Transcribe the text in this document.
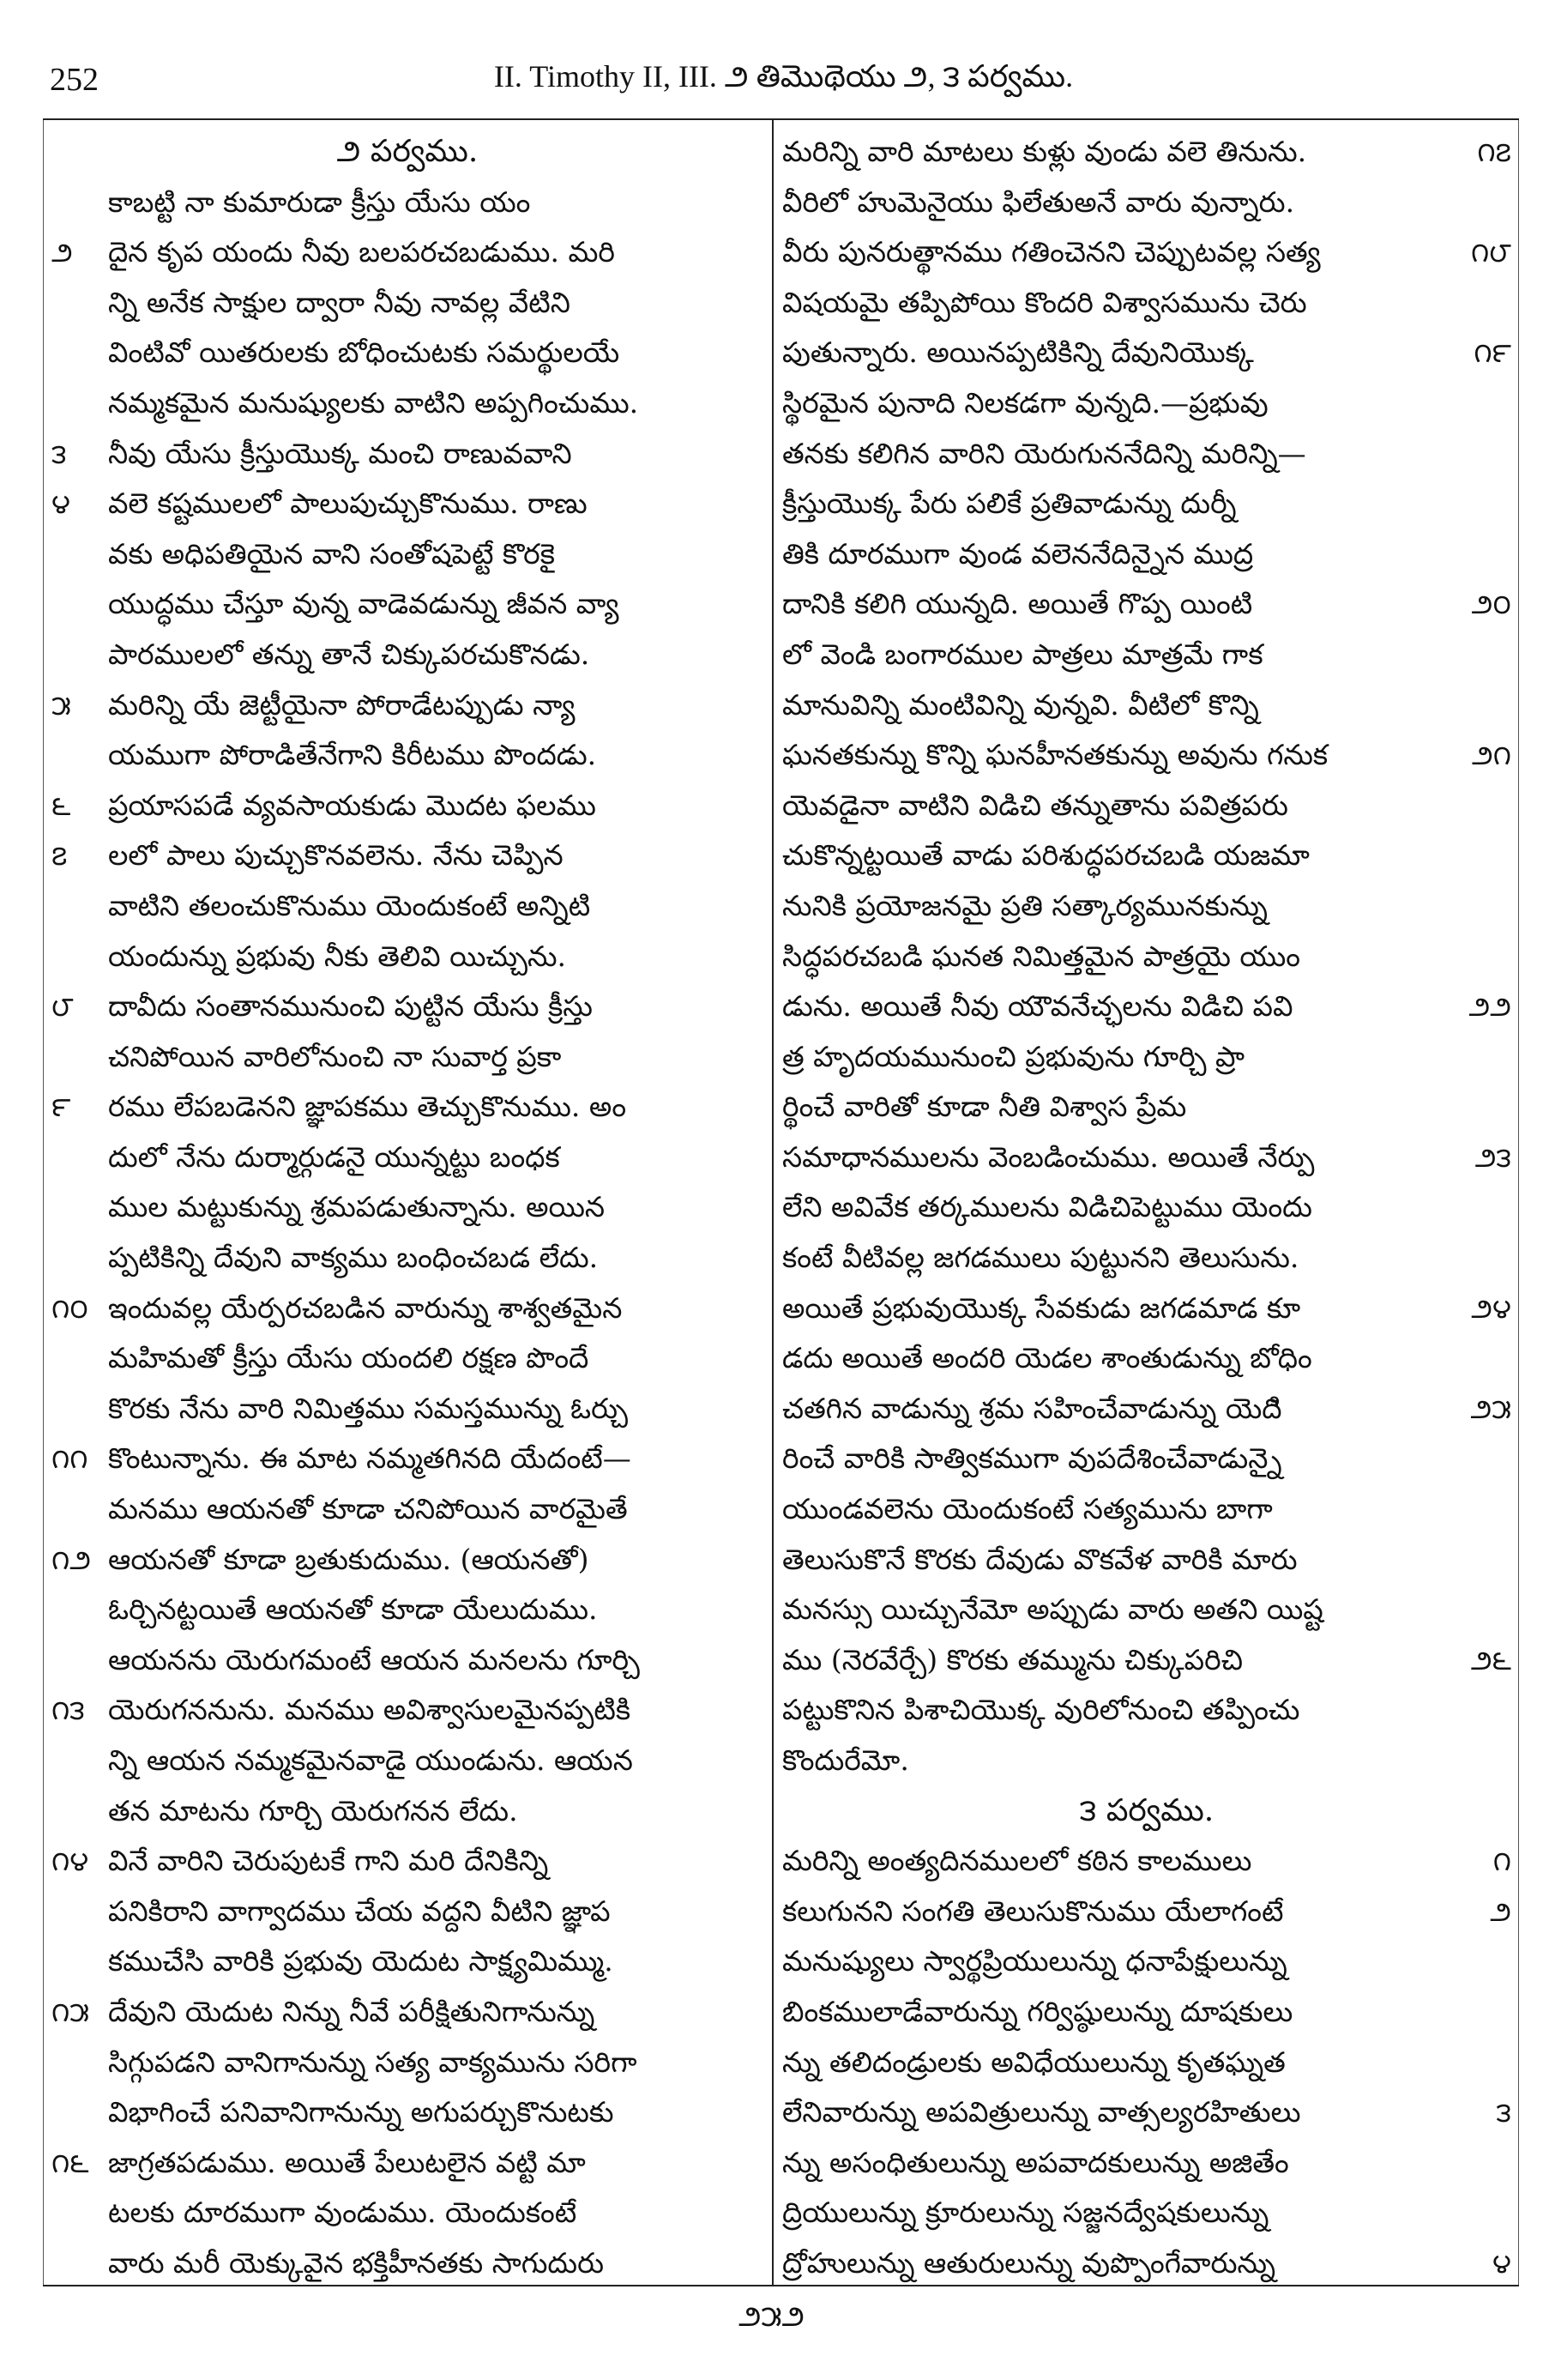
252	II. Timothy II, III. ౨ తిమొథెయు ౨, ౩ పర్వము.
౨ పర్వము.
కాబట్టి నా కుమారుడా క్రీస్తు యేసు యం
౨	దైన కృప యందు నీవు బలపరచబడుము. మరి
న్ని అనేక సాక్షుల ద్వారా నీవు నావల్ల వేటిని
వింటివో యితరులకు బోధించుటకు సమర్థులయే
నమ్మకమైన మనుష్యులకు వాటిని అప్పగించుము.
౩	నీవు యేసు క్రీస్తుయొక్క మంచి రాణువవాని
౪	వలె కష్టములలో పాలుపుచ్చుకొనుము. రాణు
వకు అధిపతియైన వాని సంతోషపెట్టే కొరకై
యుద్ధము చేస్తూ వున్న వాడెవడున్ను జీవన వ్యా
పారములలో తన్ను తానే చిక్కుపరచుకొనడు.
౫	మరిన్ని యే జెట్టీయైనా పోరాడేటప్పుడు న్యా
యముగా పోరాడితేనేగాని కిరీటము పొందడు.
౬	ప్రయాసపడే వ్యవసాయకుడు మొదట ఫలము
౭	లలో పాలు పుచ్చుకొనవలెను. నేను చెప్పిన
వాటిని తలంచుకొనుము యెందుకంటే అన్నిటి
యందున్ను ప్రభువు నీకు తెలివి యిచ్చును.
౮	దావీదు సంతానమునుంచి పుట్టిన యేసు క్రీస్తు
చనిపోయిన వారిలోనుంచి నా సువార్త ప్రకా
౯	రము లేపబడెనని జ్ఞాపకము తెచ్చుకొనుము. అం
దులో నేను దుర్మార్గుడనై యున్నట్టు బంధక
ముల మట్టుకున్ను శ్రమపడుతున్నాను. అయిన
ప్పటికిన్ని దేవుని వాక్యము బంధించబడ లేదు.
౧౦ ఇందువల్ల యేర్పరచబడిన వారున్ను శాశ్వతమైన
మహిమతో క్రీస్తు యేసు యందలి రక్షణ పొందే
కొరకు నేను వారి నిమిత్తము సమస్తమున్ను ఓర్చు
౧౧ కొంటున్నాను. ఈ మాట నమ్మతగినది యేదంటే—
మనము ఆయనతో కూడా చనిపోయిన వారమైతే
౧౨ ఆయనతో కూడా బ్రతుకుదుము. (ఆయనతో)
ఓర్చినట్టయితే ఆయనతో కూడా యేలుదుము.
ఆయనను యెరుగమంటే ఆయన మనలను గూర్చి
౧౩ యెరుగననును. మనము అవిశ్వాసులమైనప్పటికి
న్ని ఆయన నమ్మకమైనవాడై యుండును. ఆయన
తన మాటను గూర్చి యెరుగనన లేదు.
౧౪ వినే వారిని చెరుపుటకే గాని మరి దేనికిన్ని
పనికిరాని వాగ్వాదము చేయ వద్దని వీటిని జ్ఞాప
కముచేసి వారికి ప్రభువు యెదుట సాక్ష్యమిమ్ము.
౧౫ దేవుని యెదుట నిన్ను నీవే పరీక్షితునిగానున్ను
సిగ్గుపడని వానిగానున్ను సత్య వాక్యమును సరిగా
విభాగించే పనివానిగానున్ను అగుపర్చుకొనుటకు
౧౬ జాగ్రతపడుము. అయితే పేలుటలైన వట్టి మా
టలకు దూరముగా వుండుము. యెందుకంటే
వారు మరీ యెక్కువైన భక్తిహీనతకు సాగుదురు
౧౭
మరిన్ని వారి మాటలు కుళ్లు వుండు వలె తినును.
వీరిలో హుమెనైయు ఫిలేతుఅనే వారు వున్నారు.
౧౮
వీరు పునరుత్థానము గతించెనని చెప్పుటవల్ల సత్య
విషయమై తప్పిపోయి కొందరి విశ్వాసమును చెరు
౧౯
పుతున్నారు. అయినప్పటికిన్ని దేవునియొక్క
స్థిరమైన పునాది నిలకడగా వున్నది.—ప్రభువు
తనకు కలిగిన వారిని యెరుగుననేదిన్ని మరిన్ని—
క్రీస్తుయొక్క పేరు పలికే ప్రతివాడున్ను దుర్నీ
తికి దూరముగా వుండ వలెననేదిన్నైన ముద్ర
౨౦
దానికి కలిగి యున్నది. అయితే గొప్ప యింటి
లో వెండి బంగారముల పాత్రలు మాత్రమే గాక
మానువిన్ని మంటివిన్ని వున్నవి. వీటిలో కొన్ని
౨౧
ఘనతకున్ను కొన్ని ఘనహీనతకున్ను అవును గనుక
యెవడైనా వాటిని విడిచి తన్నుతాను పవిత్రపరు
చుకొన్నట్టయితే వాడు పరిశుద్ధపరచబడి యజమా
నునికి ప్రయోజనమై ప్రతి సత్కార్యమునకున్ను
సిద్ధపరచబడి ఘనత నిమిత్తమైన పాత్రయై యుం
౨౨
డును. అయితే నీవు యౌవనేచ్ఛలను విడిచి పవి
త్ర హృదయమునుంచి ప్రభువును గూర్చి ప్రా
ర్థించే వారితో కూడా నీతి విశ్వాస ప్రేమ
౨౩
సమాధానములను వెంబడించుము. అయితే నేర్పు
లేని అవివేక తర్కములను విడిచిపెట్టుము యెందు
కంటే వీటివల్ల జగడములు పుట్టునని తెలుసును.
౨౪
అయితే ప్రభువుయొక్క సేవకుడు జగడమాడ కూ
డదు అయితే అందరి యెడల శాంతుడున్ను బోధిం
౨౫
చతగిన వాడున్ను శ్రమ సహించేవాడున్ను యెదిి
రించే వారికి సాత్వికముగా వుపదేశించేవాడున్నై
యుండవలెను యెందుకంటే సత్యమును బాగా
తెలుసుకొనే కొరకు దేవుడు వొకవేళ వారికి మారు
మనస్సు యిచ్చునేమో అప్పుడు వారు అతని యిష్ట
౨౬
ము (నెరవేర్చే) కొరకు తమ్మును చిక్కుపరిచి
పట్టుకొనిన పిశాచియొక్క వురిలోనుంచి తప్పించు
కొందురేమో.
౩ పర్వము.
౧
మరిన్ని అంత్యదినములలో కఠిన కాలములు
౨
కలుగునని సంగతి తెలుసుకొనుము యేలాగంటే
మనుష్యులు స్వార్థప్రియులున్ను ధనాపేక్షులున్ను
బింకములాడేవారున్ను గర్విష్ఠులున్ను దూషకులు
న్ను తలిదండ్రులకు అవిధేయులున్ను కృతఘ్నత
౩
లేనివారున్ను అపవిత్రులున్ను వాత్సల్యరహితులు
న్ను అసంధితులున్ను అపవాదకులున్ను అజితేం
ద్రియులున్ను క్రూరులున్ను సజ్జనద్వేషకులున్ను
౪
ద్రోహులున్ను ఆతురులున్ను వుప్పొంగేవారున్ను
౨౫౨
